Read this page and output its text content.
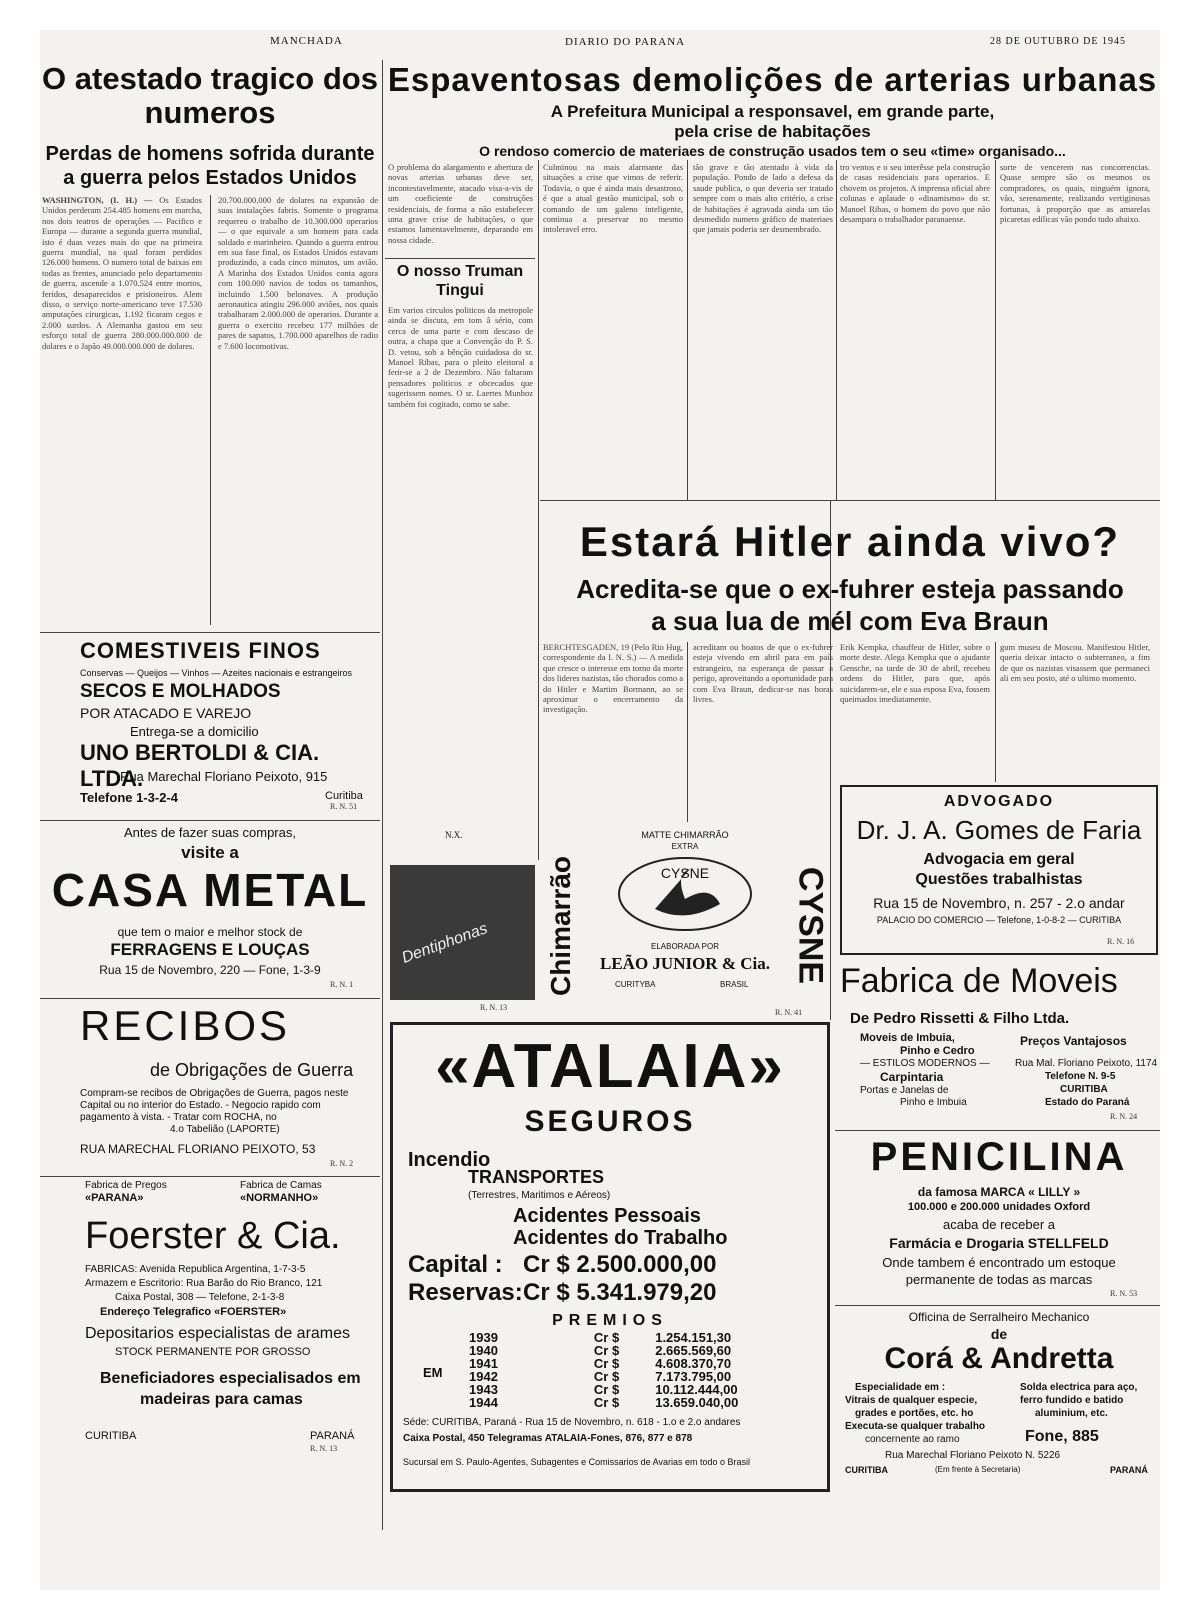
MANCHADA	DIARIO DO PARANA	28 DE OUTUBRO DE 1945
O atestado tragico dos numeros
Perdas de homens sofrida durante a guerra pelos Estados Unidos
WASHINGTON, (I. H.) — Os Estados Unidos perderam 254.485 homens em marcha, nos dois teatros de operações — Pacifico e Europa — durante a segunda guerra mundial, isto é duas vezes mais do que na primeira guerra mundial, na qual foram perdidos 126.000 homens. O numero total de baixas em todas as frentes, anunciado pelo departamento de guerra, ascende a 1.070.524 entre mortos, feridos, desaparecidos e prisioneiros. Alem disso, o serviço norte-americano teve 17.530 amputações cirurgicas, 1.192 ficaram cegos e 2.000 surdos. A Alemanha gastou em seu esforço total de guerra 280.000.000.000 de dolares e o Japão 49.000.000.000 de dolares.
20.700.000.000 de dolares na expansão de suas instalações fabris. Somente o programa requereu o trabalho de 10.300.000 operarios — o que equivale a um homem para cada soldado e marinheiro. Quando a guerra entrou em sua fase final, os Estados Unidos estavam produzindo, a cada cinco minutos, um avião. A Marinha dos Estados Unidos conta agora com 100.000 navios de todos os tamanhos, incluindo 1.500 belonaves. A produção aeronautica atingiu 296.000 aviões, nos quais trabalharam 2.000.000 de operarios. Durante a guerra o exercito recebeu 177 milhões de pares de sapatos, 1.700.000 aparelhos de radio e 7.600 locomotivas.
COMESTIVEIS FINOS
Conservas — Queijos — Vinhos — Azeites nacionais e estrangeiros
SECOS E MOLHADOS
POR ATACADO E VAREJO
Entrega-se a domicilio
UNO BERTOLDI & CIA. LTDA.
Rua Marechal Floriano Peixoto, 915
Telefone 1-3-2-4	Curitiba
R. N. 51
Antes de fazer suas compras,
visite a
CASA METAL
que tem o maior e melhor stock de
FERRAGENS E LOUÇAS
Rua 15 de Novembro, 220 — Fone, 1-3-9
R. N. 1
RECIBOS
de Obrigações de Guerra
Compram-se recibos de Obrigações de Guerra, pagos neste
Capital ou no interior do Estado. - Negocio rapido com
pagamento à vista. - Tratar com ROCHA, no
4.o Tabelião (LAPORTE)
RUA MARECHAL FLORIANO PEIXOTO, 53
R. N. 2
Fabrica de Pregos
«PARANA»
Fabrica de Camas
«NORMANHO»
Foerster & Cia.
FABRICAS: Avenida Republica Argentina, 1-7-3-5
Armazem e Escritorio: Rua Barão do Rio Branco, 121
Caixa Postal, 308 — Telefone, 2-1-3-8
Endereço Telegrafico «FOERSTER»
Depositarios especialistas de arames
STOCK PERMANENTE POR GROSSO
Beneficiadores especialisados em
madeiras para camas
CURITIBA	PARANÁ
R. N. 13
Espaventosas demolições de arterias urbanas
A Prefeitura Municipal a responsavel, em grande parte,
pela crise de habitações
O rendoso comercio de materiaes de construção usados tem o seu «time» organisado...
O problema do alargamento e abertura de novas arterias urbanas deve ser, incontestavelmente, atacado visa-a-vis de um coeficiente de construções residenciais, de forma a não estabelecer uma grave crise de habitações, o que estamos lamentavelmente, deparando em nossa cidade.
Culminou na mais alarmante das situações a crise que vimos de referir. Todavia, o que é ainda mais desastroso, é que a atual gestão municipal, sob o comando de um galeno inteligente, continua a preservar no mesmo intoleravel erro.
tão grave e tão atentado à vida da população. Pondo de lado a defesa da saude publica, o que deveria ser tratado sempre com o mais alto critério, a crise de habitações é agravada ainda um tão desmedido numero gráfico de materiaes que jamais poderia ser desmembrado.
tro ventos e o seu interêsse pela construção de casas residenciais para operarios. E chovem os projetos. A imprensa oficial abre colunas e aplaude o «dinamismo» do sr. Manoel Ribas, o homem do povo que não desampara o trabalhador paranaense.
sorte de vencerem nas concorrencias. Quase sempre são os mesmos os compradores, os quais, ninguém ignora, vão, serenamente, realizando vertiginosas fortunas, à proporção que as amarelas picaretas edilicas vão pondo tudo abaixo.
O nosso Truman Tingui
Em varios circulos politicos da metropole ainda se discuta, em tom â sério, com cerca de uma parte e com descaso de outra, a chapa que a Convenção do P. S. D. vetou, sob a bênção cuidadosa do sr. Manoel Ribas, para o pleito eleitoral a ferir-se a 2 de Dezembro. Não faltaram pensadores politicos e obcecados que sugerissem nomes. O sr. Laertes Munhoz também foi cogitado, como se sabe.
N.X.
Estará Hitler ainda vivo?
Acredita-se que o ex-fuhrer esteja passando
a sua lua de mél com Eva Braun
BERCHTESGADEN, 19 (Pelo Rio Hug, correspondente da I. N. S.) — A medida que cresce o interesse em torno da morte dos lideres nazistas, tão chorados como a do Hitler e Martim Bormann, ao se aproximar o encerramento da investigação.
acreditam ou boatos de que o ex-fuhrer esteja vivendo em abril para em país estrangeiro, na esperança de passar a perigo, aproveitando a oportunidade para com Eva Braun, dedicar-se nas horas livres.
Erik Kempka, chauffeur de Hitler, sobre o morte deste. Alega Kempka que o ajudante Gensche, na tarde de 30 de abril, recebeu ordens do Hitler, para que, após suicidarem-se, ele e sua esposa Eva, fossem queimados imediatamente.
gum museu de Moscou. Manifestou Hitler, queria deixar intacto o subterraneo, a fim de que os nazistas visassem que permaneci ali em seu posto, até o ultimo momento.
ADVOGADO
Dr. J. A. Gomes de Faria
Advogacia em geral
Questões trabalhistas
Rua 15 de Novembro, n. 257 - 2.o andar
PALACIO DO COMERCIO — Telefone, 1-0-8-2 — CURITIBA
R. N. 16
Dentiphonas
R. N. 13
Chimarrão	CYSNE
MATTE CHIMARRÃO
EXTRA
CYSNE
ELABORADA POR
LEÃO JUNIOR & Cia.
CURITYBA	BRASIL
R. N. 41
«ATALAIA»
SEGUROS
Incendio
TRANSPORTES
(Terrestres, Maritimos e Aéreos)
Acidentes Pessoais
Acidentes do Trabalho
Capital : Cr $ 2.500.000,00
Reservas: Cr $ 5.341.979,20
PREMIOS
EM
1939	Cr $	1.254.151,30
1940	Cr $	2.665.569,60
1941	Cr $	4.608.370,70
1942	Cr $	7.173.795,00
1943	Cr $	10.112.444,00
1944	Cr $	13.659.040,00
Séde: CURITIBA, Paraná - Rua 15 de Novembro, n. 618 - 1.o e 2.o andares
Caixa Postal, 450 Telegramas ATALAIA-Fones, 876, 877 e 878
Sucursal em S. Paulo-Agentes, Subagentes e Comissarios de Avarias em todo o Brasil
Fabrica de Moveis
De Pedro Rissetti & Filho Ltda.
Moveis de Imbuia,
Pinho e Cedro
— ESTILOS MODERNOS —
Carpintaria
Portas e Janelas de
Pinho e Imbuia
Preços Vantajosos
Rua Mal. Floriano Peixoto, 1174
Telefone N. 9-5
CURITIBA
Estado do Paraná
R. N. 24
PENICILINA
da famosa MARCA « LILLY »
100.000 e 200.000 unidades Oxford
acaba de receber a
Farmácia e Drogaria STELLFELD
Onde tambem é encontrado um estoque
permanente de todas as marcas
R. N. 53
Officina de Serralheiro Mechanico
de
Corá & Andretta
Especialidade em :
Vitrais de qualquer especie,
grades e portões, etc. ho
Executa-se qualquer trabalho
concernente ao ramo
Solda electrica para aço,
ferro fundido e batido
aluminium, etc.
Fone, 885
Rua Marechal Floriano Peixoto N. 5226
CURITIBA	(Em frente à Secretaria)	PARANÁ
